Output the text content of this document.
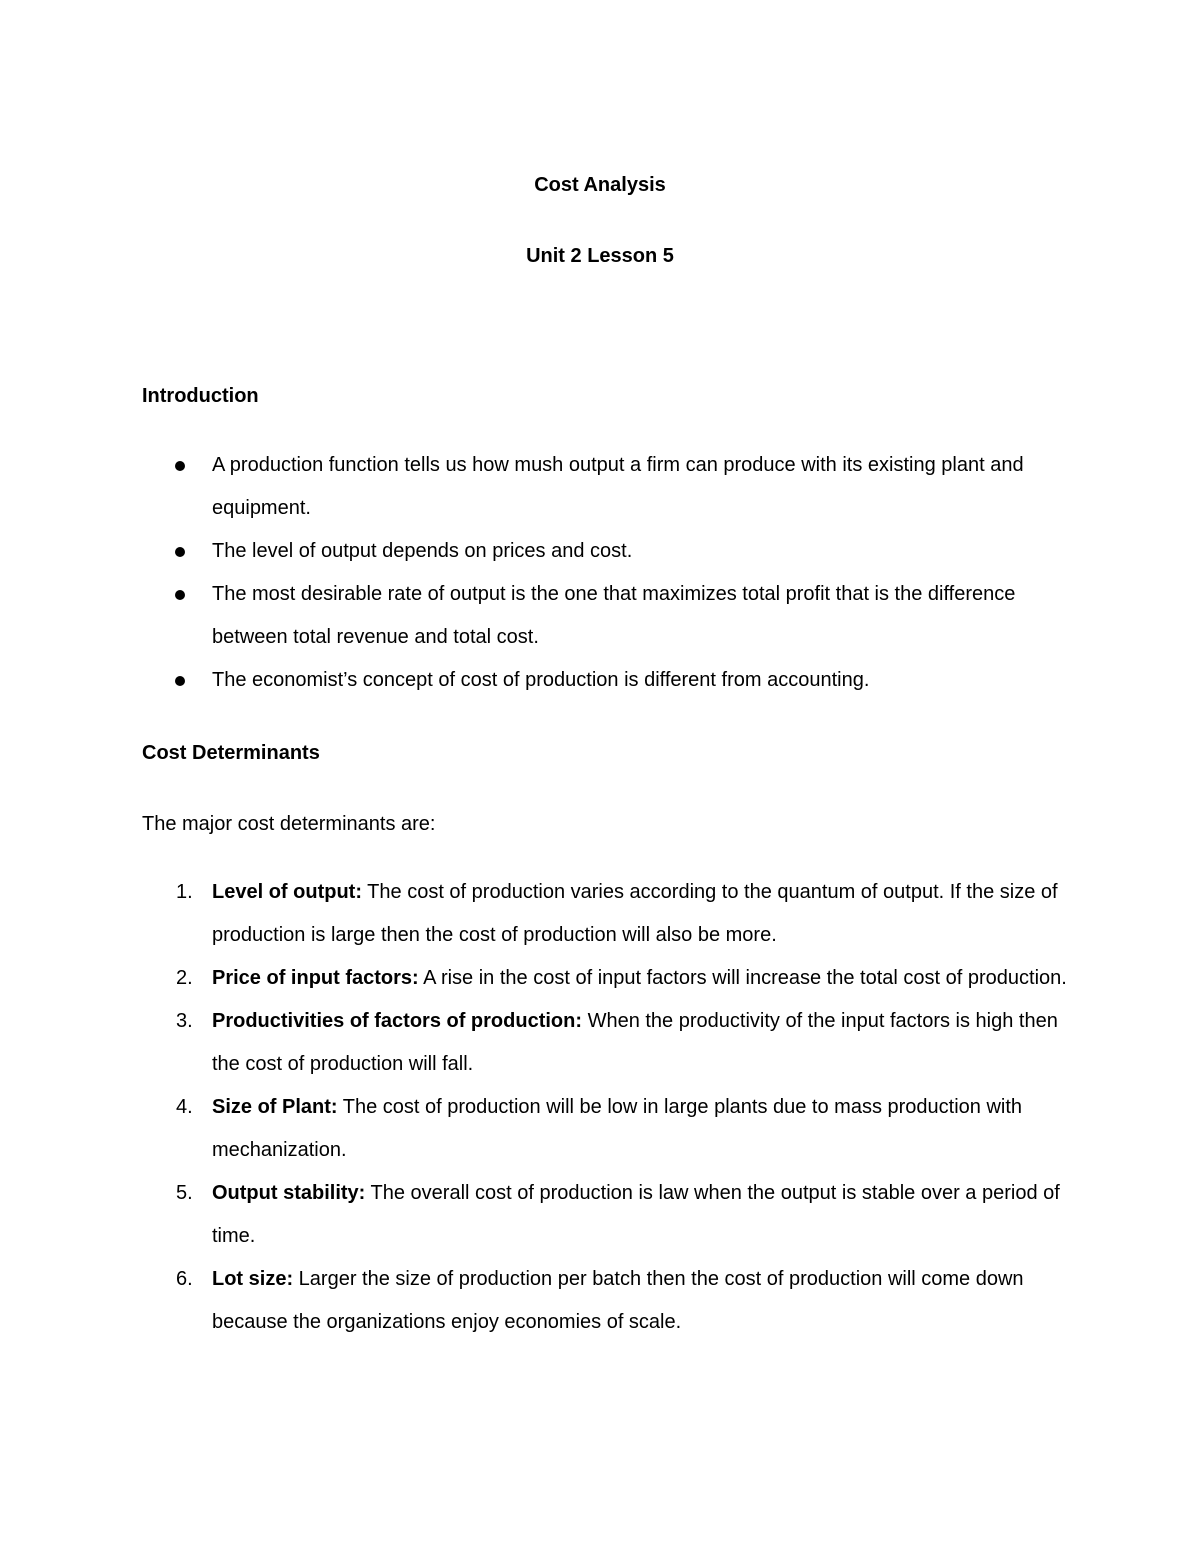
Cost Analysis
Unit 2 Lesson 5
Introduction
A production function tells us how mush output a firm can produce with its existing plant and equipment.
The level of output depends on prices and cost.
The most desirable rate of output is the one that maximizes total profit that is the difference between total revenue and total cost.
The economist’s concept of cost of production is different from accounting.
Cost Determinants
The major cost determinants are:
1. Level of output: The cost of production varies according to the quantum of output. If the size of production is large then the cost of production will also be more.
2. Price of input factors: A rise in the cost of input factors will increase the total cost of production.
3. Productivities of factors of production: When the productivity of the input factors is high then the cost of production will fall.
4. Size of Plant: The cost of production will be low in large plants due to mass production with mechanization.
5. Output stability: The overall cost of production is law when the output is stable over a period of time.
6. Lot size: Larger the size of production per batch then the cost of production will come down because the organizations enjoy economies of scale.
